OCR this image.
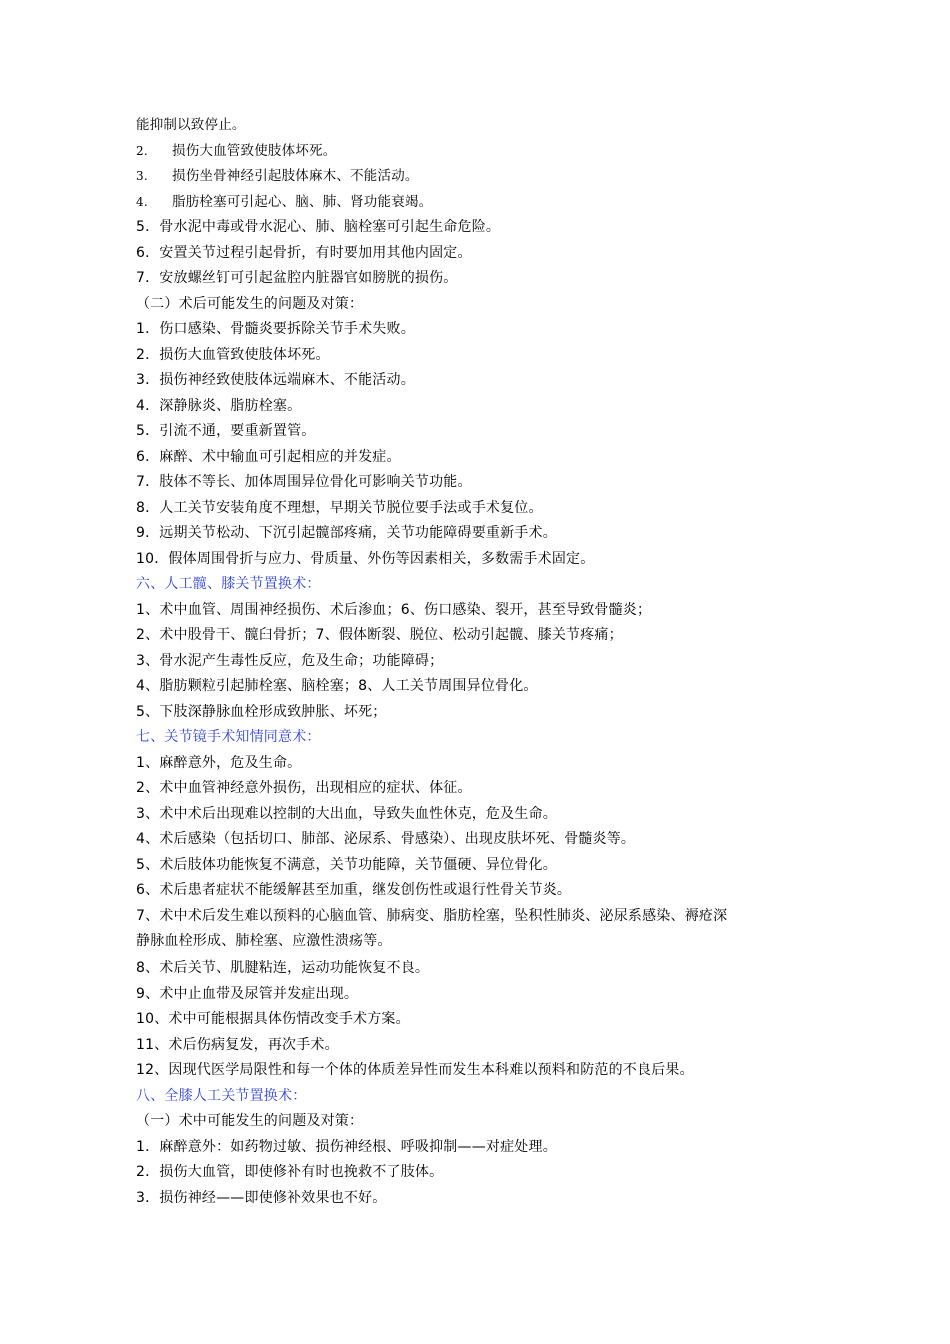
能抑制以致停止。
2. 损伤大血管致使肢体坏死。
3. 损伤坐骨神经引起肢体麻木、不能活动。
4. 脂肪栓塞可引起心、脑、肺、肾功能衰竭。
5．骨水泥中毒或骨水泥心、肺、脑栓塞可引起生命危险。
6．安置关节过程引起骨折，有时要加用其他内固定。
7．安放螺丝钉可引起盆腔内脏器官如膀胱的损伤。
（二）术后可能发生的问题及对策：
1．伤口感染、骨髓炎要拆除关节手术失败。
2．损伤大血管致使肢体坏死。
3．损伤神经致使肢体远端麻木、不能活动。
4．深静脉炎、脂肪栓塞。
5．引流不通，要重新置管。
6．麻醉、术中输血可引起相应的并发症。
7．肢体不等长、加体周围异位骨化可影响关节功能。
8．人工关节安装角度不理想，早期关节脱位要手法或手术复位。
9．远期关节松动、下沉引起髋部疼痛，关节功能障碍要重新手术。
10．假体周围骨折与应力、骨质量、外伤等因素相关，多数需手术固定。
六、人工髋、膝关节置换术：
1、术中血管、周围神经损伤、术后渗血；6、伤口感染、裂开，甚至导致骨髓炎；
2、术中股骨干、髋臼骨折；7、假体断裂、脱位、松动引起髋、膝关节疼痛；
3、骨水泥产生毒性反应，危及生命；功能障碍；
4、脂肪颗粒引起肺栓塞、脑栓塞；8、人工关节周围异位骨化。
5、下肢深静脉血栓形成致肿胀、坏死；
七、关节镜手术知情同意术：
1、麻醉意外，危及生命。
2、术中血管神经意外损伤，出现相应的症状、体征。
3、术中术后出现难以控制的大出血，导致失血性休克，危及生命。
4、术后感染（包括切口、肺部、泌尿系、骨感染）、出现皮肤坏死、骨髓炎等。
5、术后肢体功能恢复不满意，关节功能障，关节僵硬、异位骨化。
6、术后患者症状不能缓解甚至加重，继发创伤性或退行性骨关节炎。
7、术中术后发生难以预料的心脑血管、肺病变、脂肪栓塞，坠积性肺炎、泌尿系感染、褥疮深
静脉血栓形成、肺栓塞、应激性溃疡等。
8、术后关节、肌腱粘连，运动功能恢复不良。
9、术中止血带及尿管并发症出现。
10、术中可能根据具体伤情改变手术方案。
11、术后伤病复发，再次手术。
12、因现代医学局限性和每一个体的体质差异性而发生本科难以预料和防范的不良后果。
八、全膝人工关节置换术：
（一）术中可能发生的问题及对策：
1．麻醉意外：如药物过敏、损伤神经根、呼吸抑制——对症处理。
2．损伤大血管，即使修补有时也挽救不了肢体。
3．损伤神经——即使修补效果也不好。
